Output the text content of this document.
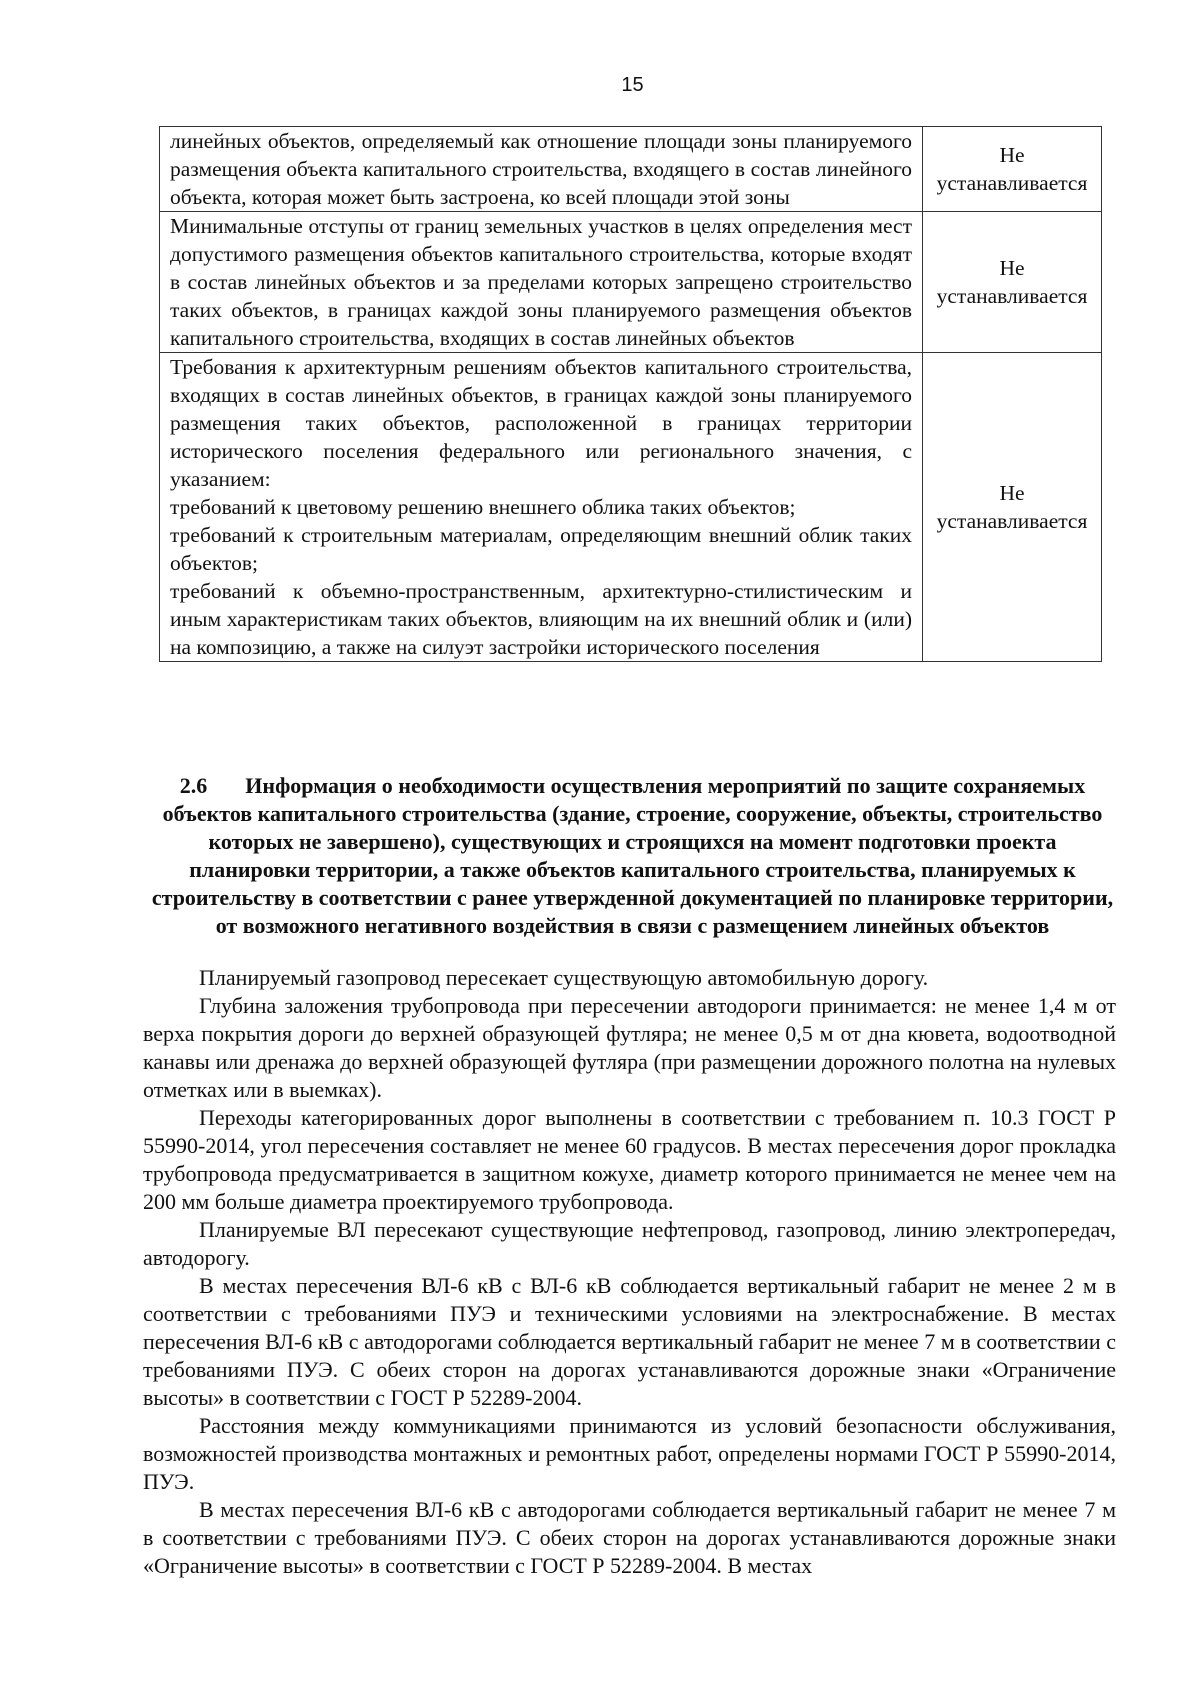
15

линейных объектов, определяемый как отношение площади зоны планируемого размещения объекта капитального строительства, входящего в состав линейного объекта, которая может быть застроена, ко всей площади этой зоны	Не устанавливается

Минимальные отступы от границ земельных участков в целях определения мест допустимого размещения объектов капитального строительства, которые входят в состав линейных объектов и за пределами которых запрещено строительство таких объектов, в границах каждой зоны планируемого размещения объектов капитального строительства, входящих в состав линейных объектов	Не устанавливается

Требования к архитектурным решениям объектов капитального строительства, входящих в состав линейных объектов, в границах каждой зоны планируемого размещения таких объектов, расположенной в границах территории исторического поселения федерального или регионального значения, с указанием:

требований к цветовому решению внешнего облика таких объектов;

требований к строительным материалам, определяющим внешний облик таких объектов;

требований к объемно-пространственным, архитектурно-стилистическим и иным характеристикам таких объектов, влияющим на их внешний облик и (или) на композицию, а также на силуэт застройки исторического поселения	Не устанавливается
2.6 Информация о необходимости осуществления мероприятий по защите сохраняемых объектов капитального строительства (здание, строение, сооружение, объекты, строительство которых не завершено), существующих и строящихся на момент подготовки проекта планировки территории, а также объектов капитального строительства, планируемых к строительству в соответствии с ранее утвержденной документацией по планировке территории, от возможного негативного воздействия в связи с размещением линейных объектов

Планируемый газопровод пересекает существующую автомобильную дорогу.

Глубина заложения трубопровода при пересечении автодороги принимается: не менее 1,4 м от верха покрытия дороги до верхней образующей футляра; не менее 0,5 м от дна кювета, водоотводной канавы или дренажа до верхней образующей футляра (при размещении дорожного полотна на нулевых отметках или в выемках).

Переходы категорированных дорог выполнены в соответствии с требованием п. 10.3 ГОСТ Р 55990-2014, угол пересечения составляет не менее 60 градусов. В местах пересечения дорог прокладка трубопровода предусматривается в защитном кожухе, диаметр которого принимается не менее чем на 200 мм больше диаметра проектируемого трубопровода.

Планируемые ВЛ пересекают существующие нефтепровод, газопровод, линию электропередач, автодорогу.

В местах пересечения ВЛ-6 кВ с ВЛ-6 кВ соблюдается вертикальный габарит не менее 2 м в соответствии с требованиями ПУЭ и техническими условиями на электроснабжение. В местах пересечения ВЛ-6 кВ с автодорогами соблюдается вертикальный габарит не менее 7 м в соответствии с требованиями ПУЭ. С обеих сторон на дорогах устанавливаются дорожные знаки «Ограничение высоты» в соответствии с ГОСТ Р 52289-2004.

Расстояния между коммуникациями принимаются из условий безопасности обслуживания, возможностей производства монтажных и ремонтных работ, определены нормами ГОСТ Р 55990-2014, ПУЭ.

В местах пересечения ВЛ-6 кВ с автодорогами соблюдается вертикальный габарит не менее 7 м в соответствии с требованиями ПУЭ. С обеих сторон на дорогах устанавливаются дорожные знаки «Ограничение высоты» в соответствии с ГОСТ Р 52289-2004. В местах
